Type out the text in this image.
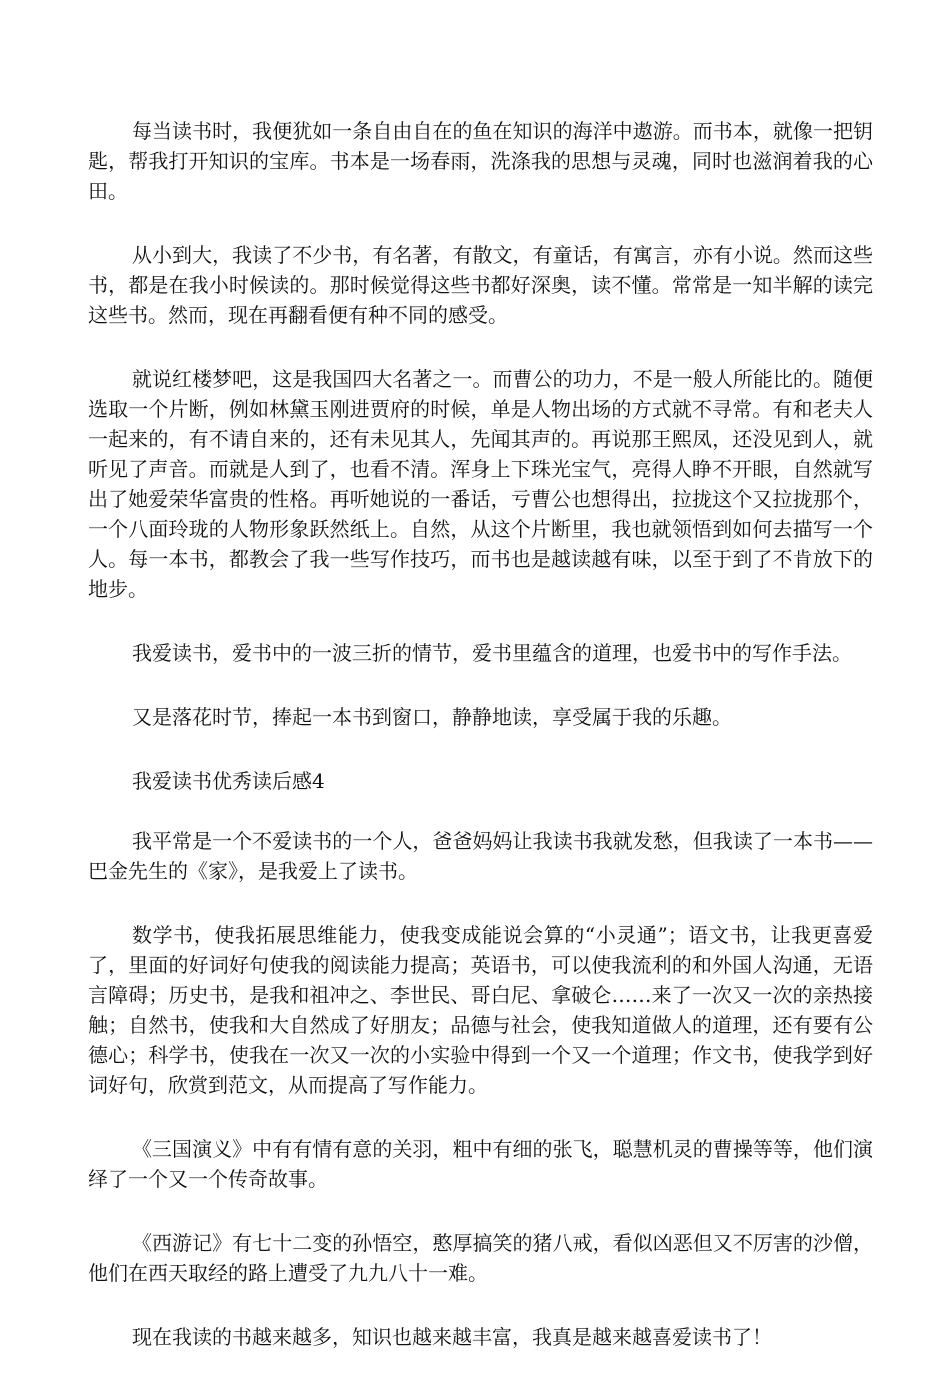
每当读书时，我便犹如一条自由自在的鱼在知识的海洋中遨游。而书本，就像一把钥匙，帮我打开知识的宝库。书本是一场春雨，洗涤我的思想与灵魂，同时也滋润着我的心田。

从小到大，我读了不少书，有名著，有散文，有童话，有寓言，亦有小说。然而这些书，都是在我小时候读的。那时候觉得这些书都好深奥，读不懂。常常是一知半解的读完这些书。然而，现在再翻看便有种不同的感受。

就说红楼梦吧，这是我国四大名著之一。而曹公的功力，不是一般人所能比的。随便选取一个片断，例如林黛玉刚进贾府的时候，单是人物出场的方式就不寻常。有和老夫人一起来的，有不请自来的，还有未见其人，先闻其声的。再说那王熙凤，还没见到人，就听见了声音。而就是人到了，也看不清。浑身上下珠光宝气，亮得人睁不开眼，自然就写出了她爱荣华富贵的性格。再听她说的一番话，亏曹公也想得出，拉拢这个又拉拢那个，一个八面玲珑的人物形象跃然纸上。自然，从这个片断里，我也就领悟到如何去描写一个人。每一本书，都教会了我一些写作技巧，而书也是越读越有味，以至于到了不肯放下的地步。

我爱读书，爱书中的一波三折的情节，爱书里蕴含的道理，也爱书中的写作手法。

又是落花时节，捧起一本书到窗口，静静地读，享受属于我的乐趣。

我爱读书优秀读后感4

我平常是一个不爱读书的一个人，爸爸妈妈让我读书我就发愁，但我读了一本书——巴金先生的《家》，是我爱上了读书。

数学书，使我拓展思维能力，使我变成能说会算的“小灵通”；语文书，让我更喜爱了，里面的好词好句使我的阅读能力提高；英语书，可以使我流利的和外国人沟通，无语言障碍；历史书，是我和祖冲之、李世民、哥白尼、拿破仑……来了一次又一次的亲热接触；自然书，使我和大自然成了好朋友；品德与社会，使我知道做人的道理，还有要有公德心；科学书，使我在一次又一次的小实验中得到一个又一个道理；作文书，使我学到好词好句，欣赏到范文，从而提高了写作能力。

《三国演义》中有有情有意的关羽，粗中有细的张飞，聪慧机灵的曹操等等，他们演绎了一个又一个传奇故事。

《西游记》有七十二变的孙悟空，憨厚搞笑的猪八戒，看似凶恶但又不厉害的沙僧，他们在西天取经的路上遭受了九九八十一难。

现在我读的书越来越多，知识也越来越丰富，我真是越来越喜爱读书了！
